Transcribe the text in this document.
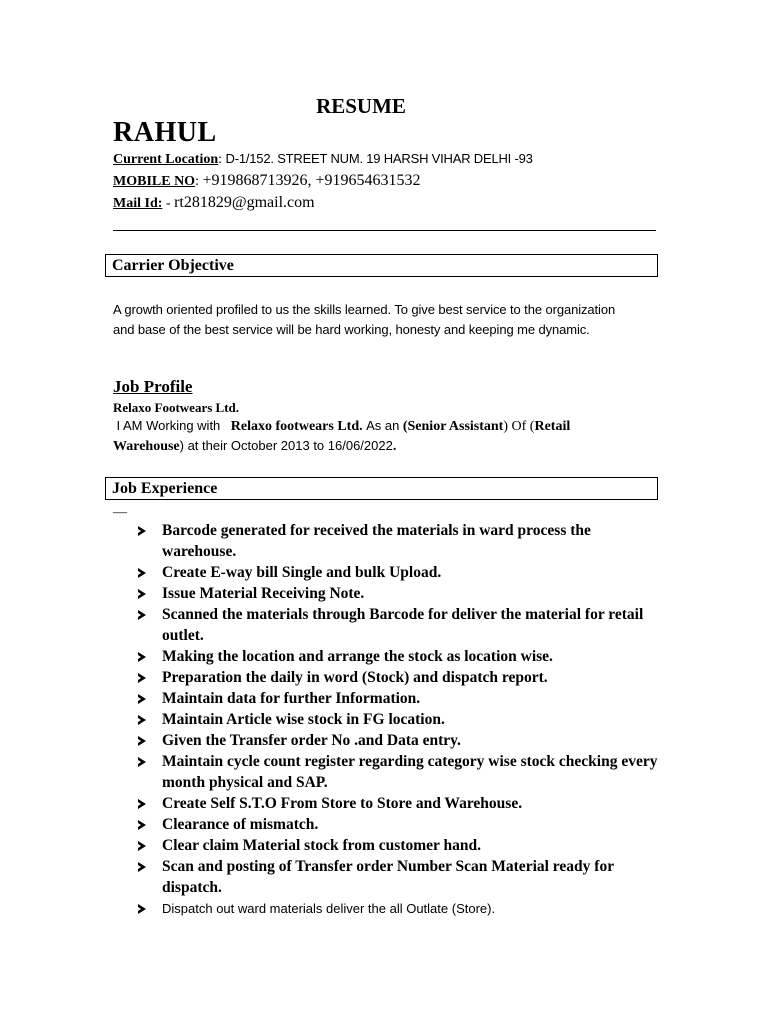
RESUME
RAHUL
Current Location: D-1/152. STREET NUM. 19 HARSH VIHAR DELHI -93
MOBILE NO: +919868713926, +919654631532
Mail Id: - rt281829@gmail.com
Carrier Objective
A growth oriented profiled to us the skills learned. To give best service to the organization and base of the best service will be hard working, honesty and keeping me dynamic.
Job Profile
Relaxo Footwears Ltd.
I AM Working with Relaxo footwears Ltd. As an (Senior Assistant) Of (Retail Warehouse) at their October 2013 to 16/06/2022.
Job Experience
—
Barcode generated for received the materials in ward process the warehouse.
Create E-way bill Single and bulk Upload.
Issue Material Receiving Note.
Scanned the materials through Barcode for deliver the material for retail outlet.
Making the location and arrange the stock as location wise.
Preparation the daily in word (Stock) and dispatch report.
Maintain data for further Information.
Maintain Article wise stock in FG location.
Given the Transfer order No .and Data entry.
Maintain cycle count register regarding category wise stock checking every month physical and SAP.
Create Self S.T.O From Store to Store and Warehouse.
Clearance of mismatch.
Clear claim Material stock from customer hand.
Scan and posting of Transfer order Number Scan Material ready for dispatch.
Dispatch out ward materials deliver the all Outlate (Store).
